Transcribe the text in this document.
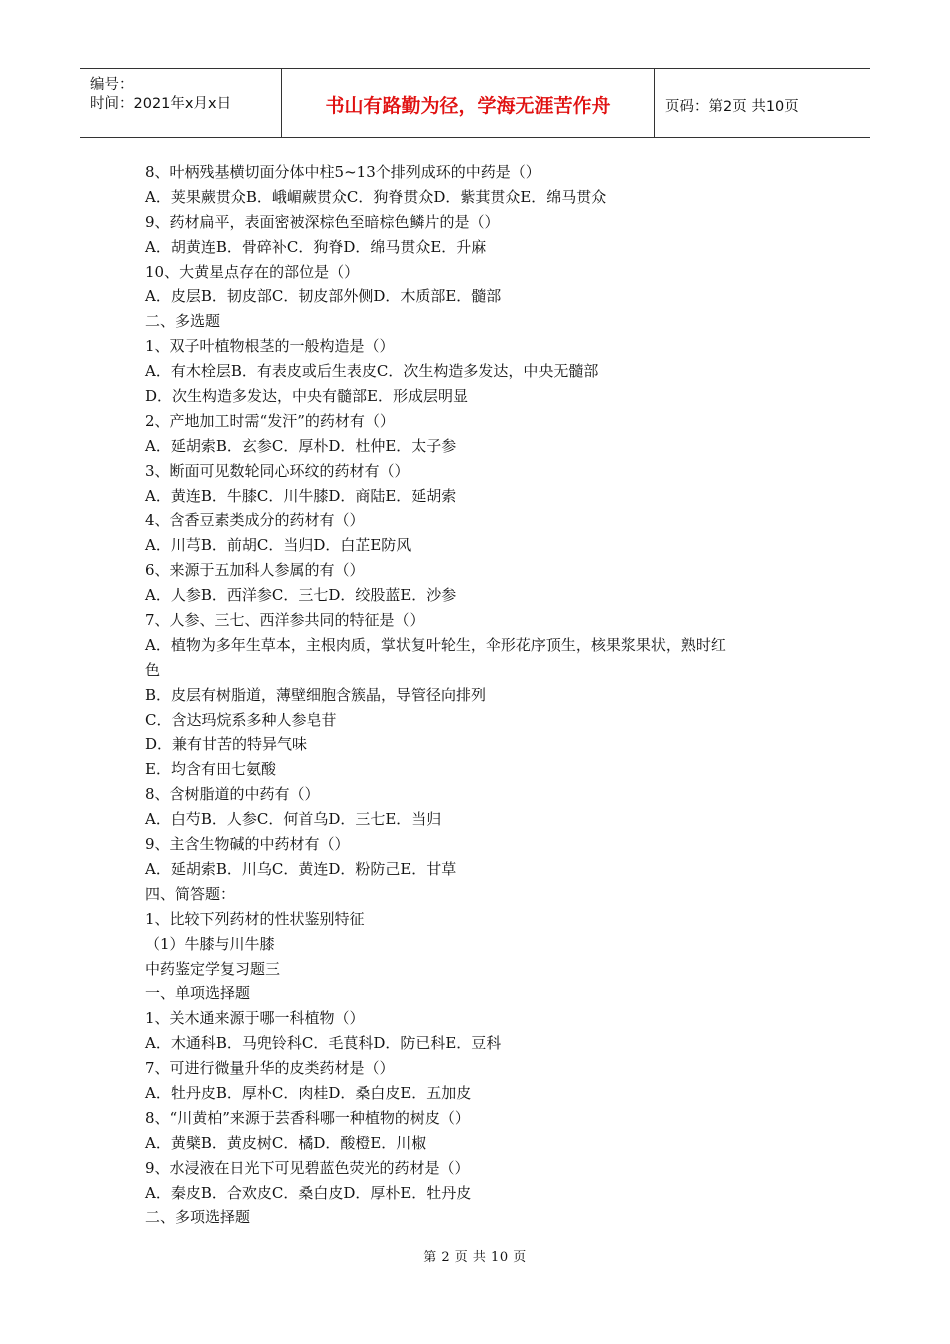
编号：
时间：2021年x月x日	书山有路勤为径，学海无涯苦作舟	页码：第2页 共10页
8、叶柄残基横切面分体中柱5~13个排列成环的中药是（）
A．荚果蕨贯众B．峨嵋蕨贯众C．狗脊贯众D．紫萁贯众E．绵马贯众
9、药材扁平，表面密被深棕色至暗棕色鳞片的是（）
A．胡黄连B．骨碎补C．狗脊D．绵马贯众E．升麻
10、大黄星点存在的部位是（）
A．皮层B．韧皮部C．韧皮部外侧D．木质部E．髓部
二、多选题
1、双子叶植物根茎的一般构造是（）
A．有木栓层B．有表皮或后生表皮C．次生构造多发达，中央无髓部
D．次生构造多发达，中央有髓部E．形成层明显
2、产地加工时需“发汗”的药材有（）
A．延胡索B．玄参C．厚朴D．杜仲E．太子参
3、断面可见数轮同心环纹的药材有（）
A．黄连B．牛膝C．川牛膝D．商陆E．延胡索
4、含香豆素类成分的药材有（）
A．川芎B．前胡C．当归D．白芷E防风
6、来源于五加科人参属的有（）
A．人参B．西洋参C．三七D．绞股蓝E．沙参
7、人参、三七、西洋参共同的特征是（）
A．植物为多年生草本，主根肉质，掌状复叶轮生，伞形花序顶生，核果浆果状，熟时红
色
B．皮层有树脂道，薄壁细胞含簇晶，导管径向排列
C．含达玛烷系多种人参皂苷
D．兼有甘苦的特异气味
E．均含有田七氨酸
8、含树脂道的中药有（）
A．白芍B．人参C．何首乌D．三七E．当归
9、主含生物碱的中药材有（）
A．延胡索B．川乌C．黄连D．粉防己E．甘草
四、简答题：
1、比较下列药材的性状鉴别特征
（1）牛膝与川牛膝
中药鉴定学复习题三
一、单项选择题
1、关木通来源于哪一科植物（）
A．木通科B．马兜铃科C．毛茛科D．防已科E．豆科
7、可进行微量升华的皮类药材是（）
A．牡丹皮B．厚朴C．肉桂D．桑白皮E．五加皮
8、“川黄柏”来源于芸香科哪一种植物的树皮（）
A．黄檗B．黄皮树C．橘D．酸橙E．川椒
9、水浸液在日光下可见碧蓝色荧光的药材是（）
A．秦皮B．合欢皮C．桑白皮D．厚朴E．牡丹皮
二、多项选择题
第 2 页 共 10 页
